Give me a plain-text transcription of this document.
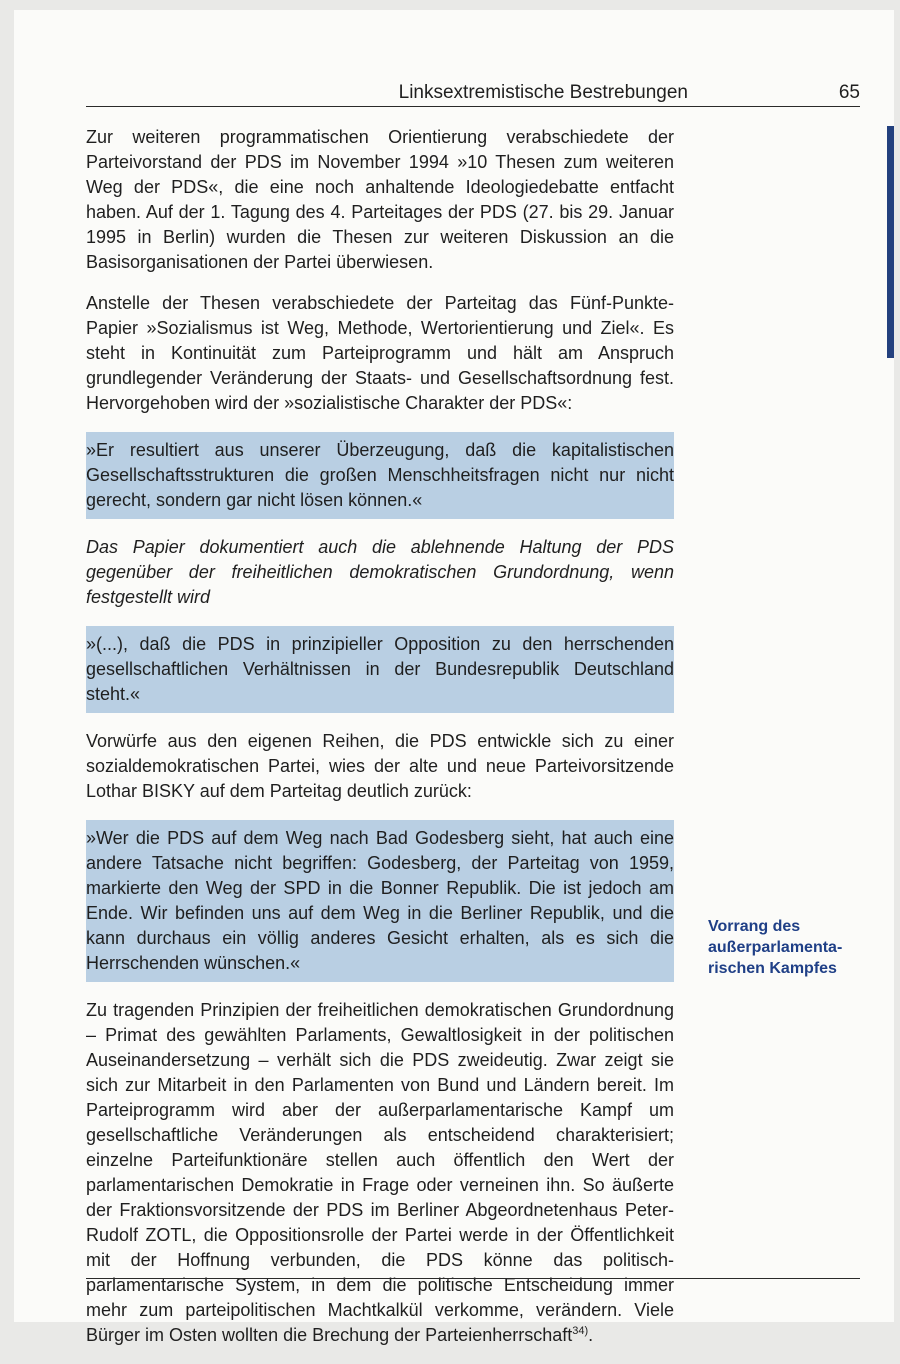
Linksextremistische Bestrebungen	65

Zur weiteren programmatischen Orientierung verabschiedete der Parteivorstand der PDS im November 1994 »10 Thesen zum weiteren Weg der PDS«, die eine noch anhaltende Ideologiedebatte entfacht haben. Auf der 1. Tagung des 4. Parteitages der PDS (27. bis 29. Januar 1995 in Berlin) wurden die Thesen zur weiteren Diskussion an die Basisorganisationen der Partei überwiesen.

Anstelle der Thesen verabschiedete der Parteitag das Fünf-Punkte-Papier »Sozialismus ist Weg, Methode, Wertorientierung und Ziel«. Es steht in Kontinuität zum Parteiprogramm und hält am Anspruch grundlegender Veränderung der Staats- und Gesellschaftsordnung fest. Hervorgehoben wird der »sozialistische Charakter der PDS«:

»Er resultiert aus unserer Überzeugung, daß die kapitalistischen Gesellschaftsstrukturen die großen Menschheitsfragen nicht nur nicht gerecht, sondern gar nicht lösen können.«

Das Papier dokumentiert auch die ablehnende Haltung der PDS gegenüber der freiheitlichen demokratischen Grundordnung, wenn festgestellt wird

»(...), daß die PDS in prinzipieller Opposition zu den herrschenden gesellschaftlichen Verhältnissen in der Bundesrepublik Deutschland steht.«

Vorwürfe aus den eigenen Reihen, die PDS entwickle sich zu einer sozialdemokratischen Partei, wies der alte und neue Parteivorsitzende Lothar BISKY auf dem Parteitag deutlich zurück:

»Wer die PDS auf dem Weg nach Bad Godesberg sieht, hat auch eine andere Tatsache nicht begriffen: Godesberg, der Parteitag von 1959, markierte den Weg der SPD in die Bonner Republik. Die ist jedoch am Ende. Wir befinden uns auf dem Weg in die Berliner Republik, und die kann durchaus ein völlig anderes Gesicht erhalten, als es sich die Herrschenden wünschen.«

Zu tragenden Prinzipien der freiheitlichen demokratischen Grundordnung – Primat des gewählten Parlaments, Gewaltlosigkeit in der politischen Auseinandersetzung – verhält sich die PDS zweideutig. Zwar zeigt sie sich zur Mitarbeit in den Parlamenten von Bund und Ländern bereit. Im Parteiprogramm wird aber der außerparlamentarische Kampf um gesellschaftliche Veränderungen als entscheidend charakterisiert; einzelne Parteifunktionäre stellen auch öffentlich den Wert der parlamentarischen Demokratie in Frage oder verneinen ihn. So äußerte der Fraktionsvorsitzende der PDS im Berliner Abgeordnetenhaus Peter-Rudolf ZOTL, die Oppositionsrolle der Partei werde in der Öffentlichkeit mit der Hoffnung verbunden, die PDS könne das politisch-parlamentarische System, in dem die politische Entscheidung immer mehr zum parteipolitischen Machtkalkül verkomme, verändern. Viele Bürger im Osten wollten die Brechung der Parteienherrschaft$^{34)}$.

Vorrang des
außerparlamenta-
rischen Kampfes
